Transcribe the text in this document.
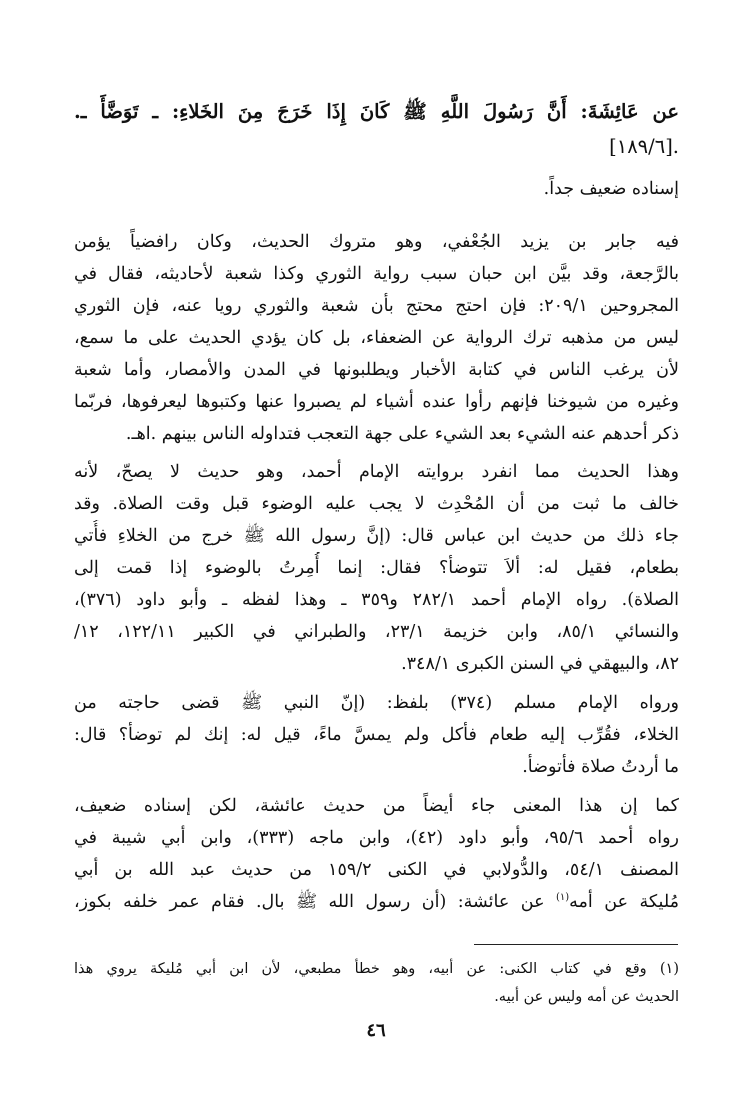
عن عَائِشَةَ: أَنَّ رَسُولَ اللَّهِ ﷺ كَانَ إِذَا خَرَجَ مِنَ الخَلاءِ: ـ تَوَضَّأَ ـ.
.[١٨٩/٦]
إسناده ضعيف جداً.
فيه جابر بن يزيد الجُعْفي، وهو متروك الحديث، وكان رافضياً يؤمن
بالرَّجعة، وقد بيَّن ابن حبان سبب رواية الثوري وكذا شعبة لأحاديثه، فقال في
المجروحين ٢٠٩/١: فإن احتج محتج بأن شعبة والثوري رويا عنه، فإن الثوري
ليس من مذهبه ترك الرواية عن الضعفاء، بل كان يؤدي الحديث على ما سمع،
لأن يرغب الناس في كتابة الأخبار ويطلبونها في المدن والأمصار، وأما شعبة
وغيره من شيوخنا فإنهم رأوا عنده أشياء لم يصبروا عنها وكتبوها ليعرفوها، فربّما
ذكر أحدهم عنه الشيء بعد الشيء على جهة التعجب فتداوله الناس بينهم .اهـ.
وهذا الحديث مما انفرد بروايته الإمام أحمد، وهو حديث لا يصحّ، لأنه
خالف ما ثبت من أن المُحْدِث لا يجب عليه الوضوء قبل وقت الصلاة. وقد
جاء ذلك من حديث ابن عباس قال: (إنَّ رسول الله ﷺ خرج من الخلاءِ فأُتي
بطعام، فقيل له: ألاَ تتوضأ؟ فقال: إنما أُمِرتُ بالوضوء إذا قمت إلى
الصلاة). رواه الإمام أحمد ٢٨٢/١ و٣٥٩ ـ وهذا لفظه ـ وأبو داود (٣٧٦)،
والنسائي ٨٥/١، وابن خزيمة ٢٣/١، والطبراني في الكبير ١٢٢/١١، ١٢/
٨٢، والبيهقي في السنن الكبرى ٣٤٨/١.
ورواه الإمام مسلم (٣٧٤) بلفظ: (إنّ النبي ﷺ قضى حاجته من
الخلاء، فقُرِّب إليه طعام فأكل ولم يمسَّ ماءً، قيل له: إنك لم توضأ؟ قال:
ما أردتُ صلاة فأتوضأ.
كما إن هذا المعنى جاء أيضاً من حديث عائشة، لكن إسناده ضعيف،
رواه أحمد ٩٥/٦، وأبو داود (٤٢)، وابن ماجه (٣٣٣)، وابن أبي شيبة في
المصنف ٥٤/١، والدُّولابي في الكنى ١٥٩/٢ من حديث عبد الله بن أبي
مُليكة عن أمه$^{(١)}$ عن عائشة: (أن رسول الله ﷺ بال. فقام عمر خلفه بكوز،
(١) وقع في كتاب الكنى: عن أبيه، وهو خطأ مطبعي، لأن ابن أبي مُليكة يروي هذا
الحديث عن أمه وليس عن أبيه.
٤٦
